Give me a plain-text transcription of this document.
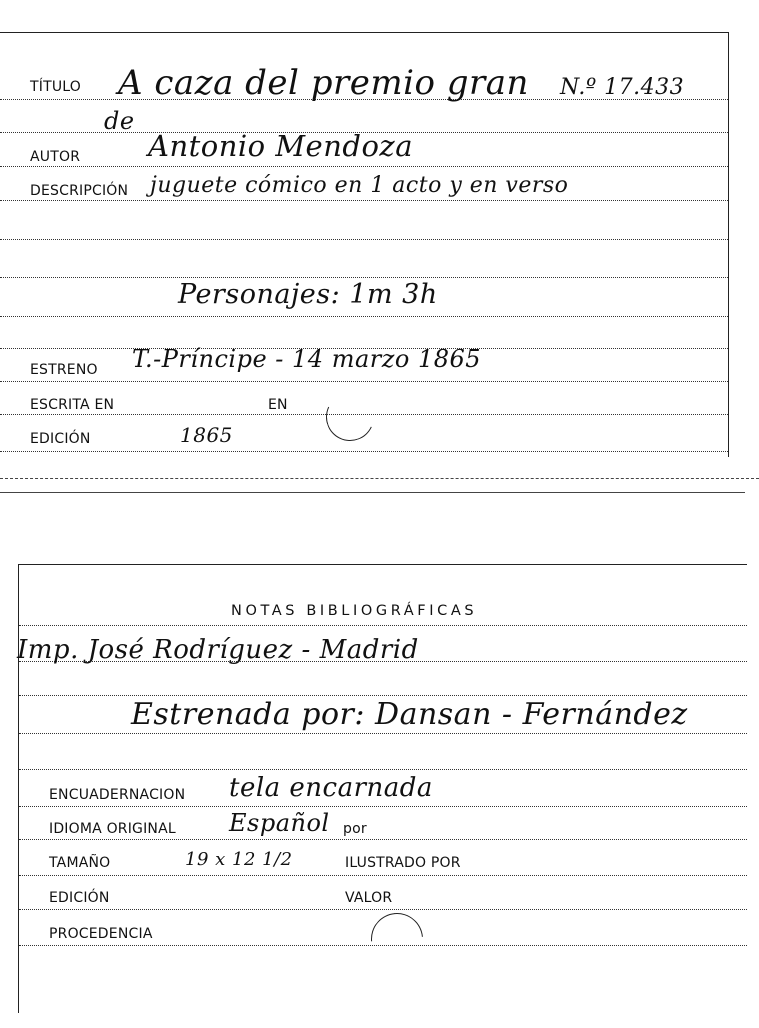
TÍTULO A caza del premio gran N.º 17.433
de
AUTOR Antonio Mendoza
DESCRIPCIÓN juguete cómico en 1 acto y en verso
Personajes: 1m 3h
ESTRENO T.-Príncipe - 14 marzo 1865
ESCRITA EN	EN
EDICIÓN	1865
NOTAS BIBLIOGRÁFICAS
Imp. José Rodríguez - Madrid
Estrenada por: Dansan - Fernández
ENCUADERNACION tela encarnada
IDIOMA ORIGINAL Español por
TAMAÑO	19 x 12 1/2	ILUSTRADO POR
EDICIÓN	VALOR
PROCEDENCIA
